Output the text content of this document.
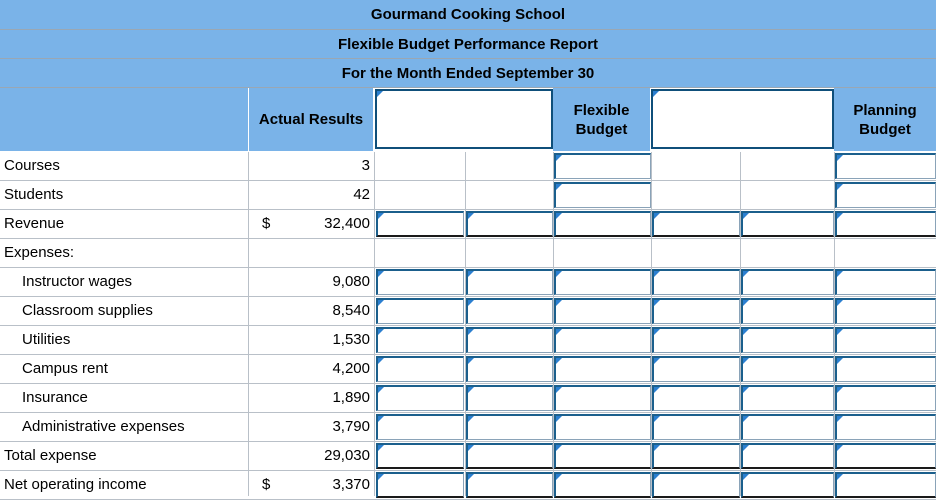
Gourmand Cooking School
Flexible Budget Performance Report
For the Month Ended September 30
Actual Results
Flexible Budget
Planning Budget
Courses	3
Students	42
Revenue	$	32,400
Expenses:
Instructor wages	9,080
Classroom supplies	8,540
Utilities	1,530
Campus rent	4,200
Insurance	1,890
Administrative expenses	3,790
Total expense	29,030
Net operating income	$	3,370
